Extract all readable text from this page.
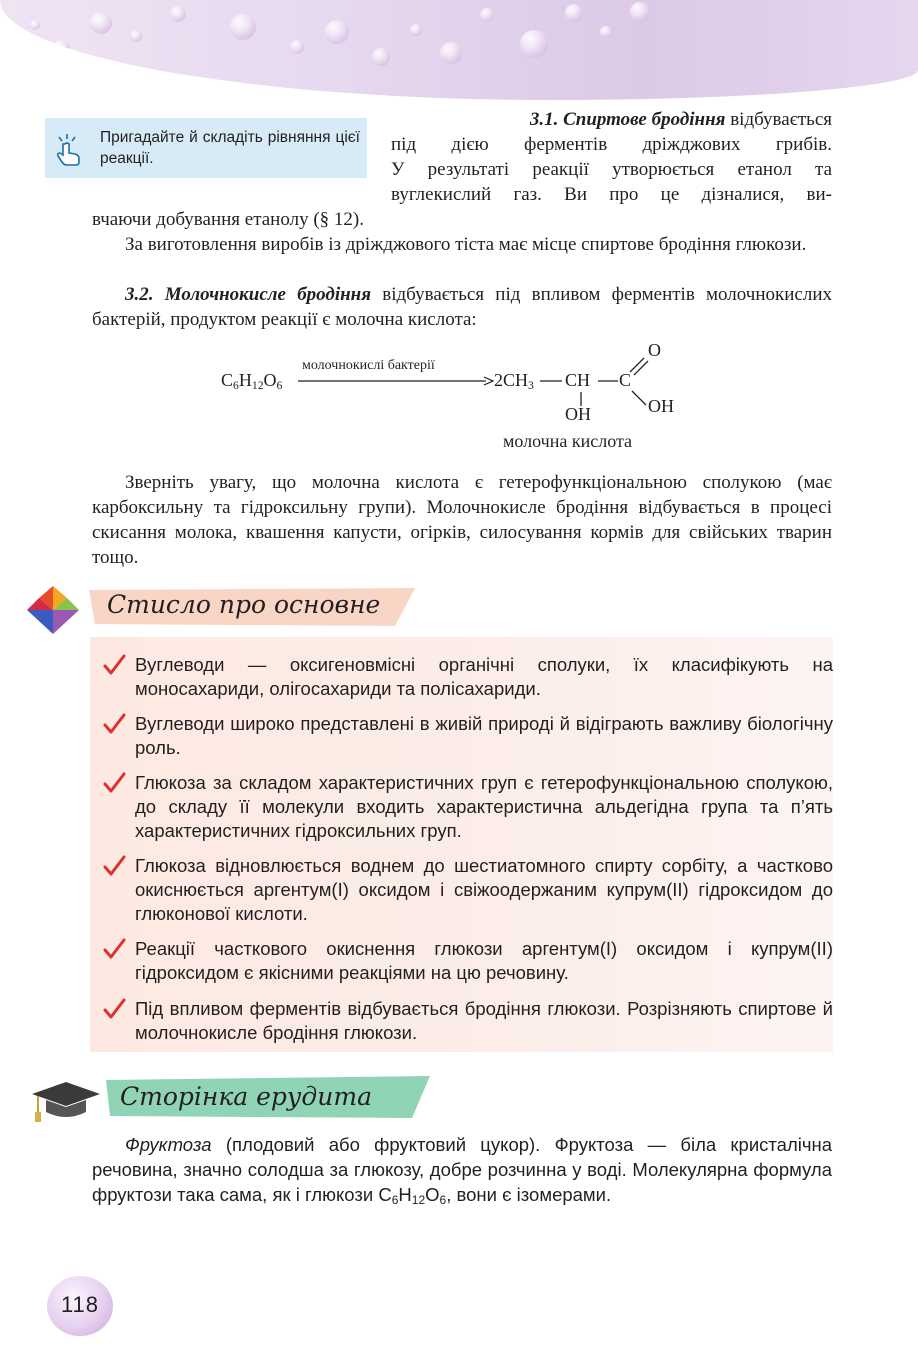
Пригадайте й складіть рівняння цієї реакції.
3.1. Спиртове бродіння відбувається
під дією ферментів дріжджових грибів.
У результаті реакції утворюється етанол та
вуглекислий газ. Ви про це дізналися, ви-
вчаючи добування етанолу (§ 12).
За виготовлення виробів із дріжджового тіста має місце спиртове бродіння глюкози.
3.2. Молочнокисле бродіння відбувається під впливом ферментів молочнокислих бактерій, продуктом реакції є молочна кислота:
$C_6H_{12}O_6$
молочнокислі бактерії
$2CH_3$ CH C
O
OH	OH
молочна кислота
Зверніть увагу, що молочна кислота є гетерофункціональною сполукою (має карбоксильну та гідроксильну групи). Молочнокисле бродіння відбувається в процесі скисання молока, квашення капусти, огірків, силосування кормів для свійських тварин тощо.
Стисло про основне
Вуглеводи — оксигеновмісні органічні сполуки, їх класифікують на моносахариди, олігосахариди та полісахариди.
Вуглеводи широко представлені в живій природі й відіграють важливу біологічну роль.
Глюкоза за складом характеристичних груп є гетерофункціональною сполукою, до складу її молекули входить характеристична альдегідна група та п’ять характеристичних гідроксильних груп.
Глюкоза відновлюється воднем до шестиатомного спирту сорбіту, а частково окиснюється аргентум(I) оксидом і свіжоодержаним купрум(II) гідроксидом до глюконової кислоти.
Реакції часткового окиснення глюкози аргентум(I) оксидом і купрум(II) гідроксидом є якісними реакціями на цю речовину.
Під впливом ферментів відбувається бродіння глюкози. Розрізняють спиртове й молочнокисле бродіння глюкози.
Сторінка ерудита
Фруктоза (плодовий або фруктовий цукор). Фруктоза — біла кристалічна речовина, значно солодша за глюкозу, добре розчинна у воді. Молекулярна формула фруктози така сама, як і глюкози $C_6H_{12}O_6$, вони є ізомерами.
118
